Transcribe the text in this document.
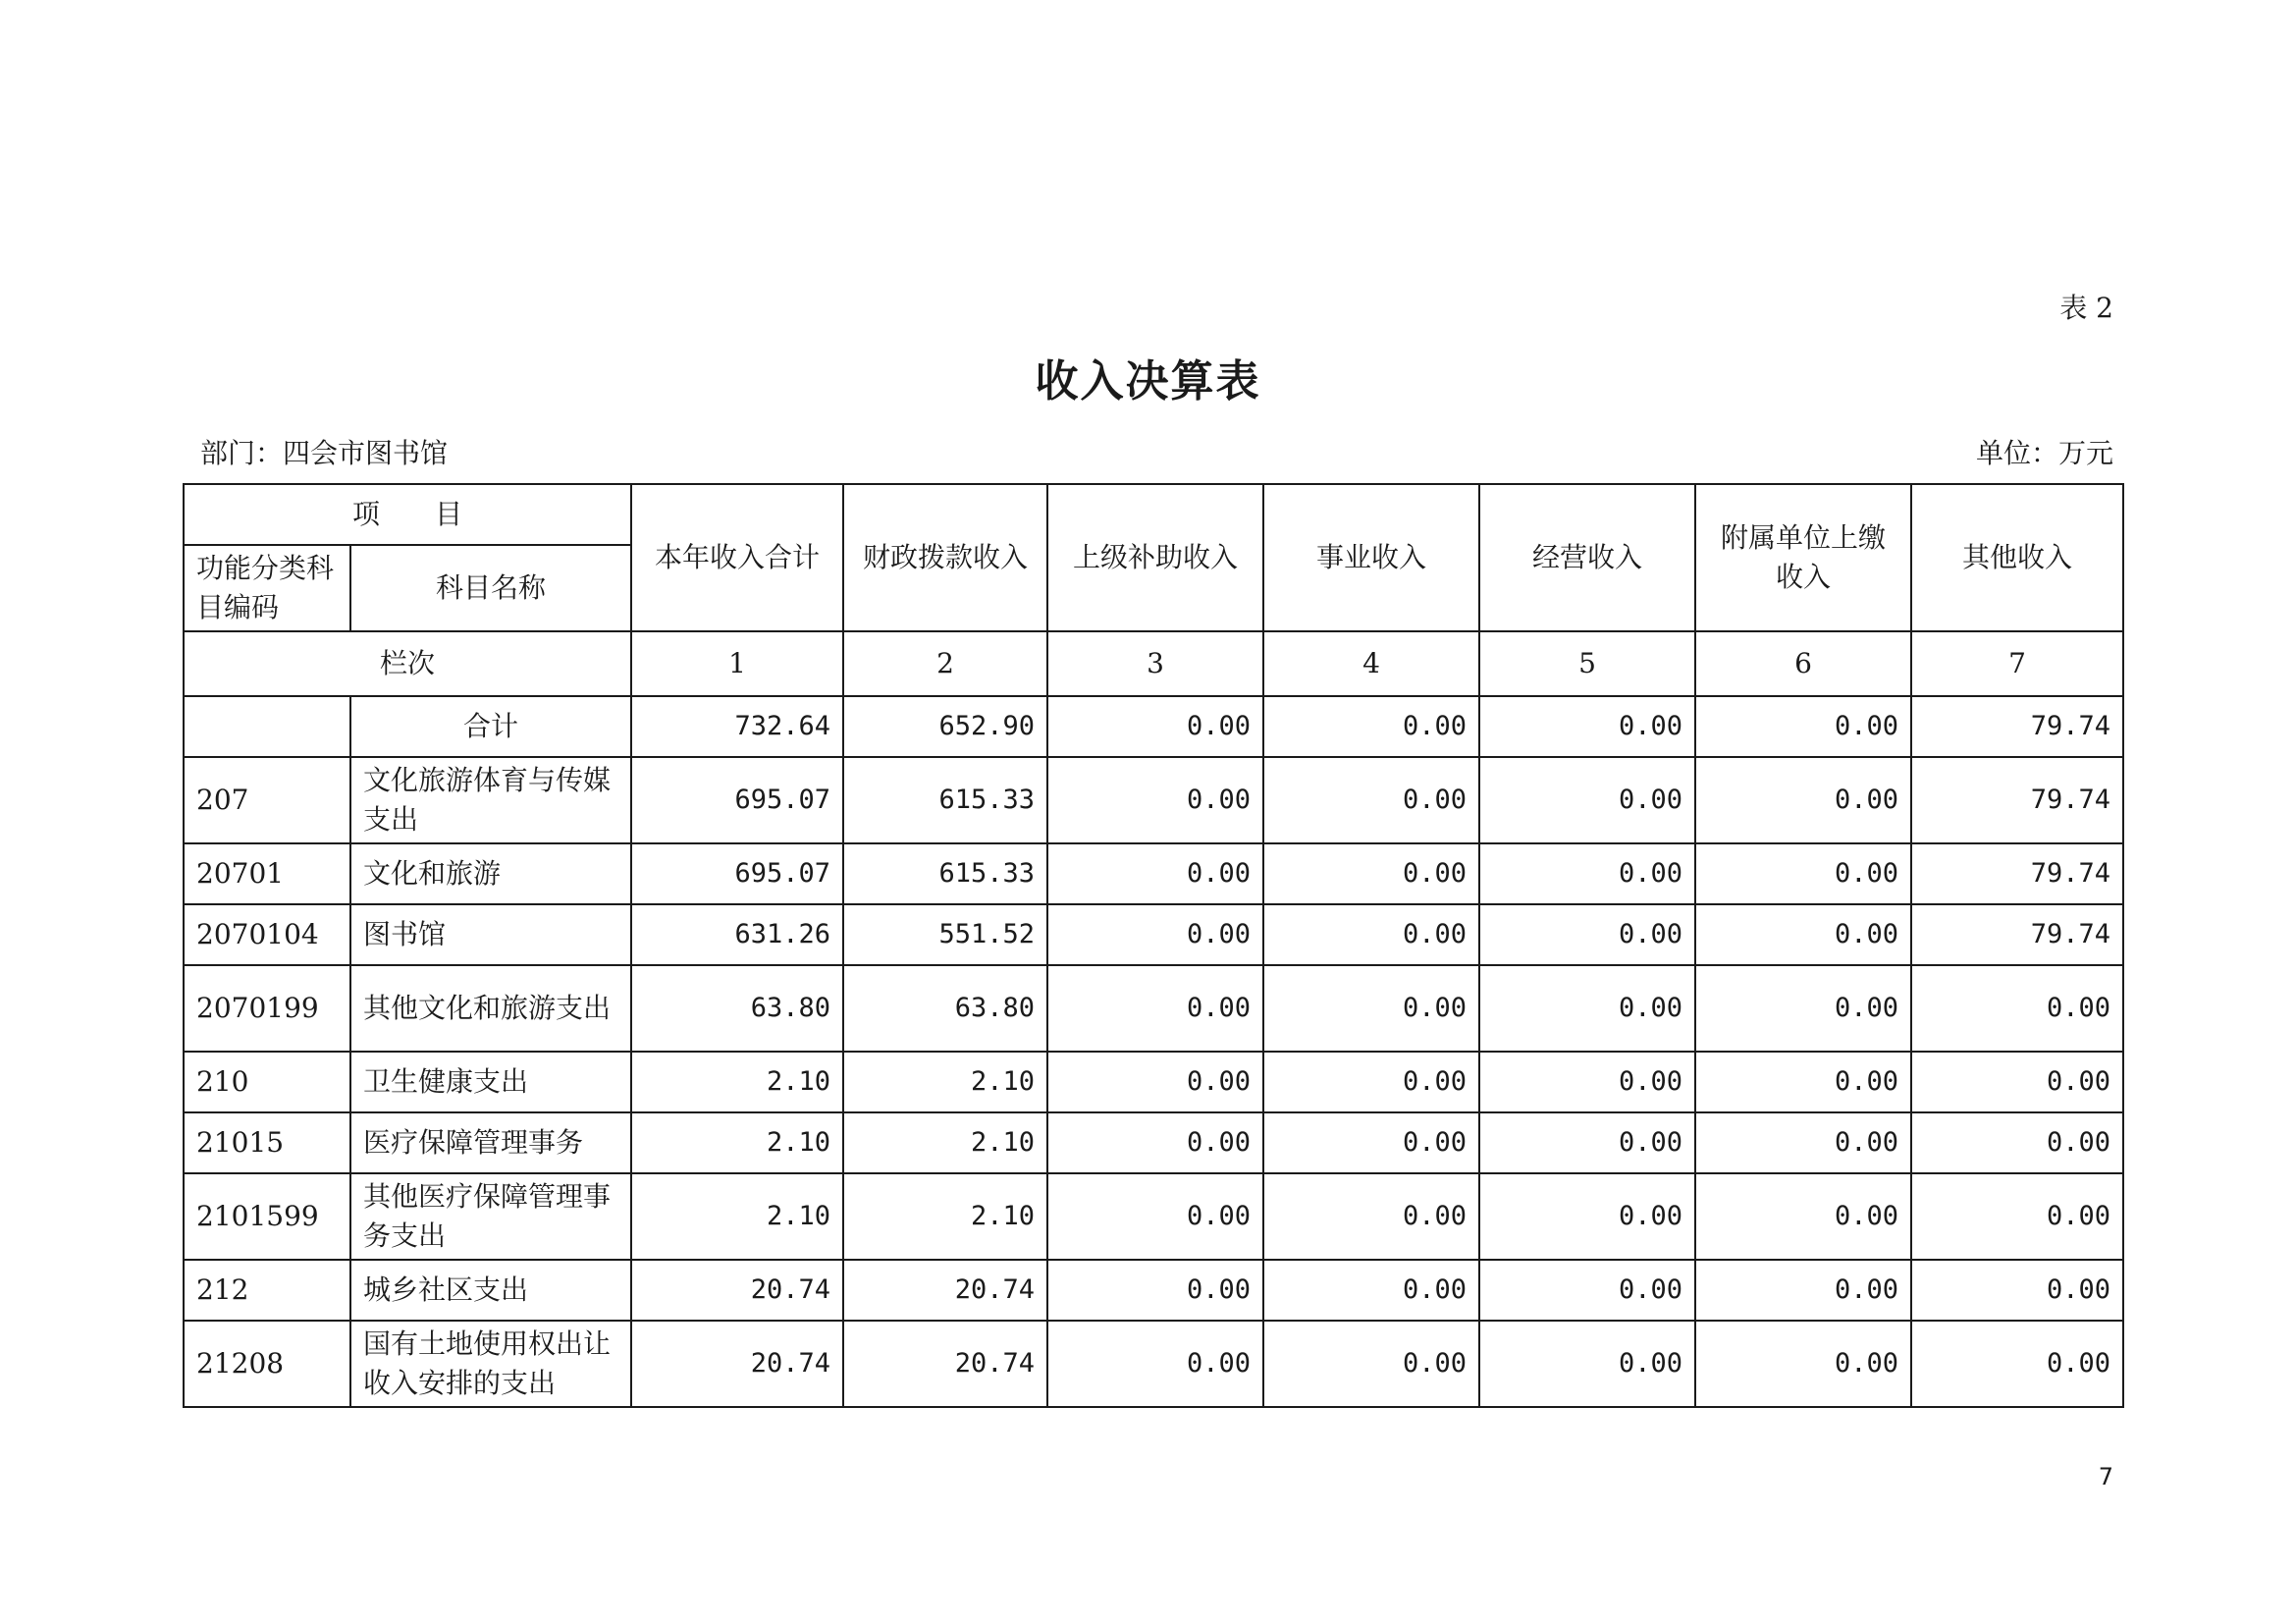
表 2
收入决算表
部门：四会市图书馆	单位：万元
项　　目		本年收入合计	财政拨款收入	上级补助收入	事业收入	经营收入	附属单位上缴收入	其他收入
功能分类科目编码	科目名称							
栏次		1	2	3	4	5	6	7
	合计	732.64	652.90	0.00	0.00	0.00	0.00	79.74
207	文化旅游体育与传媒支出	695.07	615.33	0.00	0.00	0.00	0.00	79.74
20701	文化和旅游	695.07	615.33	0.00	0.00	0.00	0.00	79.74
2070104	图书馆	631.26	551.52	0.00	0.00	0.00	0.00	79.74
2070199	其他文化和旅游支出	63.80	63.80	0.00	0.00	0.00	0.00	0.00
210	卫生健康支出	2.10	2.10	0.00	0.00	0.00	0.00	0.00
21015	医疗保障管理事务	2.10	2.10	0.00	0.00	0.00	0.00	0.00
2101599	其他医疗保障管理事务支出	2.10	2.10	0.00	0.00	0.00	0.00	0.00
212	城乡社区支出	20.74	20.74	0.00	0.00	0.00	0.00	0.00
21208	国有土地使用权出让收入安排的支出	20.74	20.74	0.00	0.00	0.00	0.00	0.00
7
